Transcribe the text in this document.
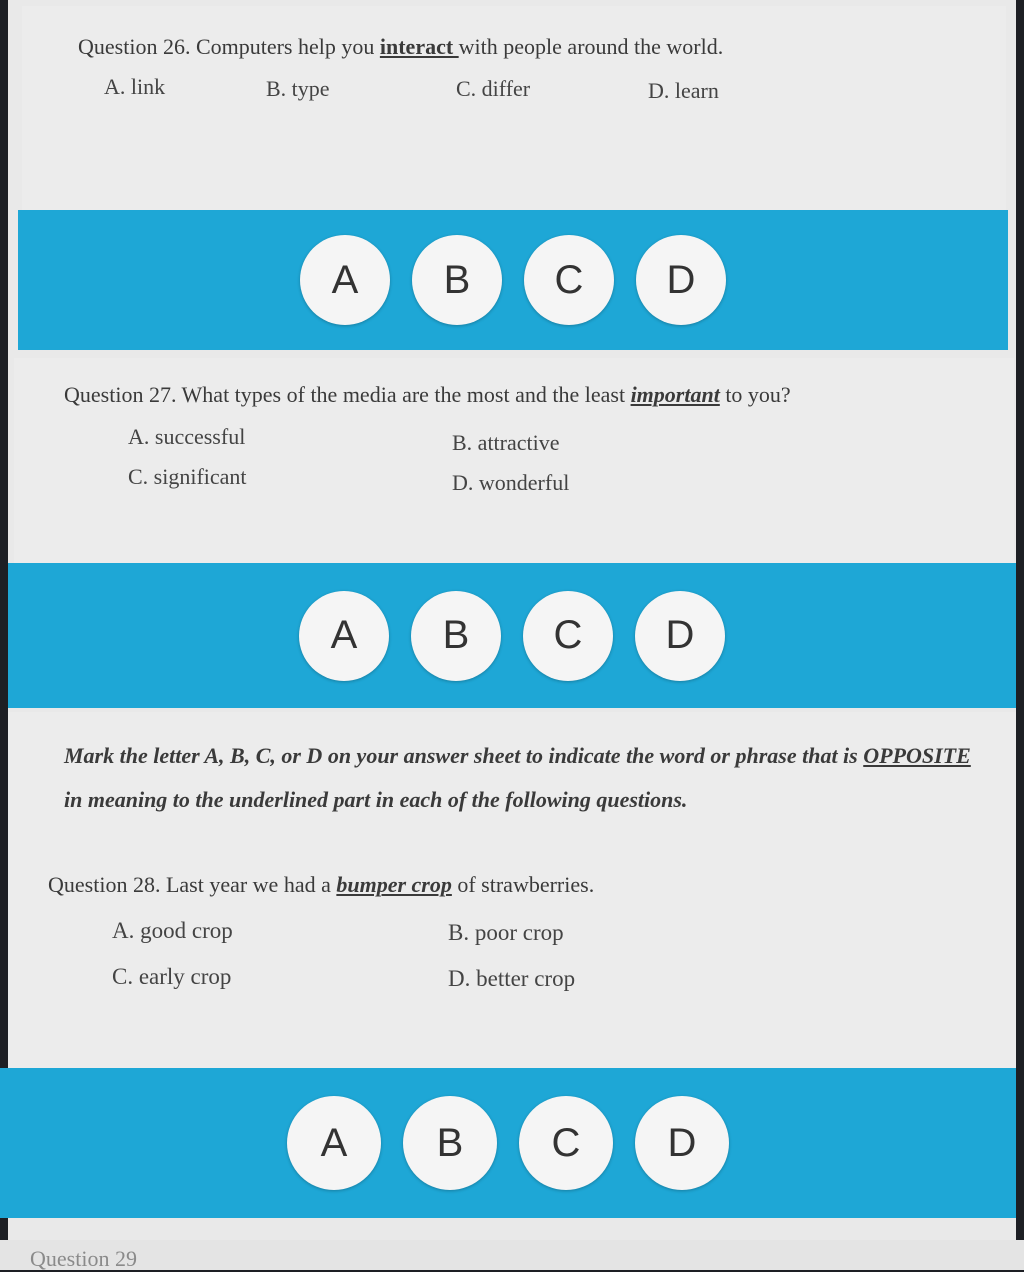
Question 26. Computers help you interact with people around the world.
A. link	B. type	C. differ	D. learn
A	B	C	D
Question 27. What types of the media are the most and the least important to you?
A. successful	B. attractive
C. significant	D. wonderful
A	B	C	D
Mark the letter A, B, C, or D on your answer sheet to indicate the word or phrase that is OPPOSITE in meaning to the underlined part in each of the following questions.
Question 28. Last year we had a bumper crop of strawberries.
A. good crop	B. poor crop
C. early crop	D. better crop
A	B	C	D
Question 29
